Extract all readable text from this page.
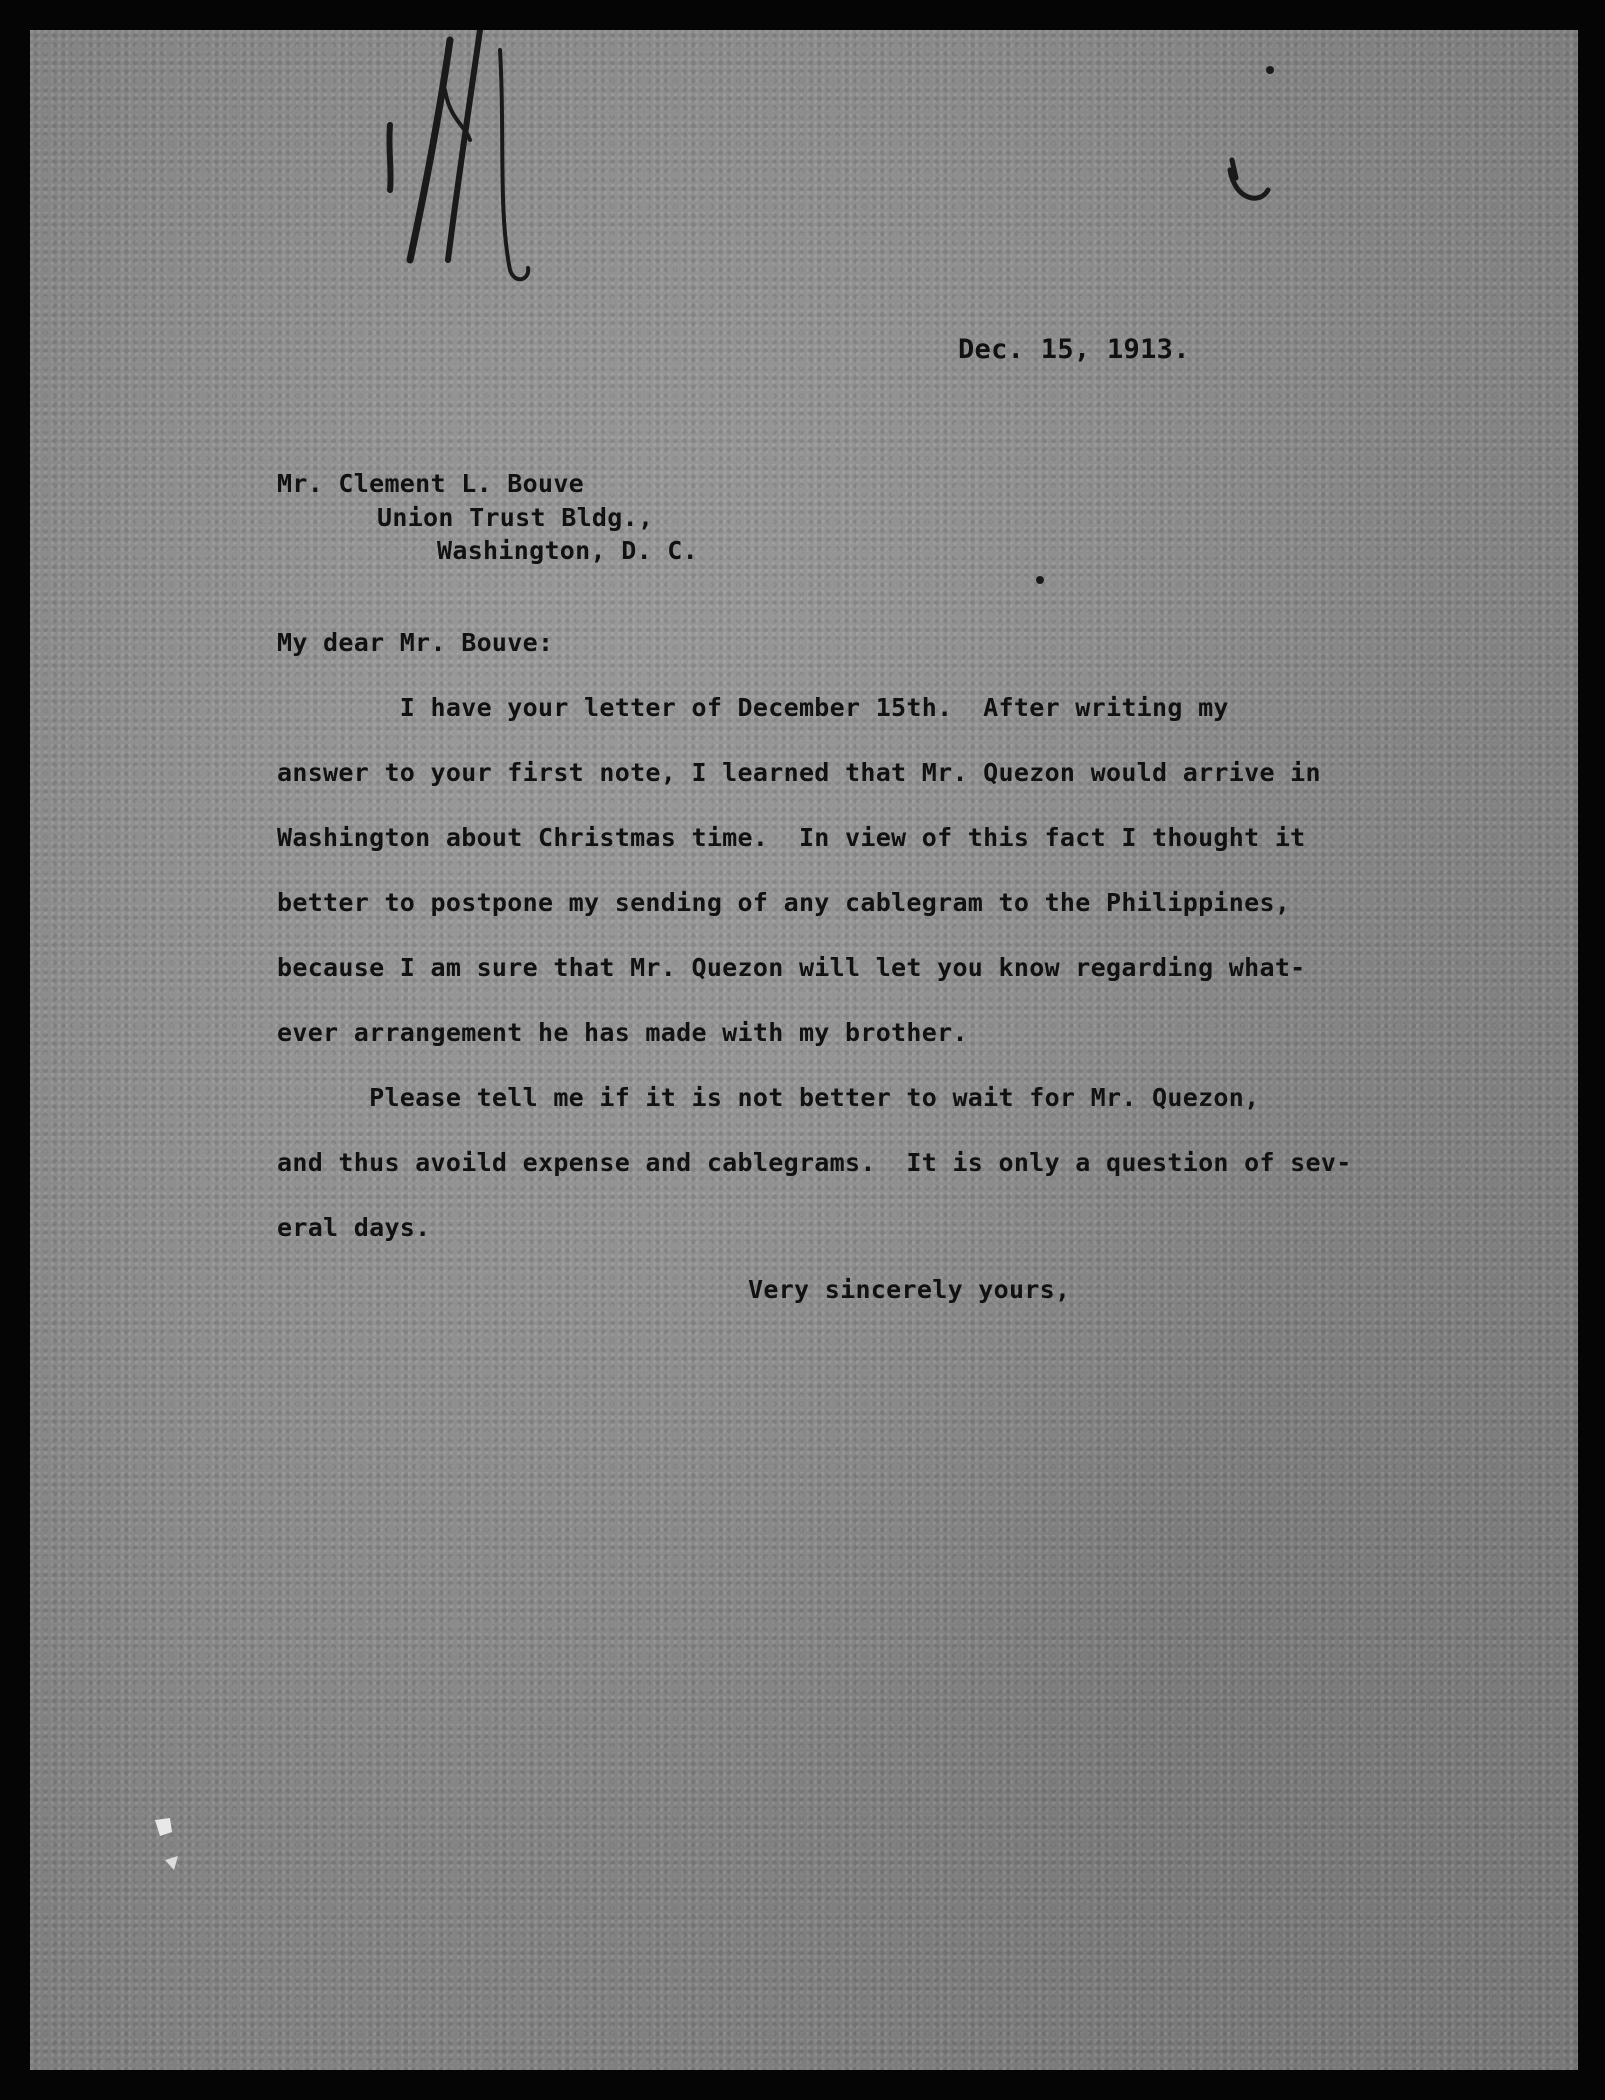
Dec. 15, 1913.
Mr. Clement L. Bouve
Union Trust Bldg.,
Washington, D. C.
My dear Mr. Bouve:
I have your letter of December 15th.  After writing my
answer to your first note, I learned that Mr. Quezon would arrive in
Washington about Christmas time.  In view of this fact I thought it
better to postpone my sending of any cablegram to the Philippines,
because I am sure that Mr. Quezon will let you know regarding what-
ever arrangement he has made with my brother.
Please tell me if it is not better to wait for Mr. Quezon,
and thus avoild expense and cablegrams.  It is only a question of sev-
eral days.
Very sincerely yours,
